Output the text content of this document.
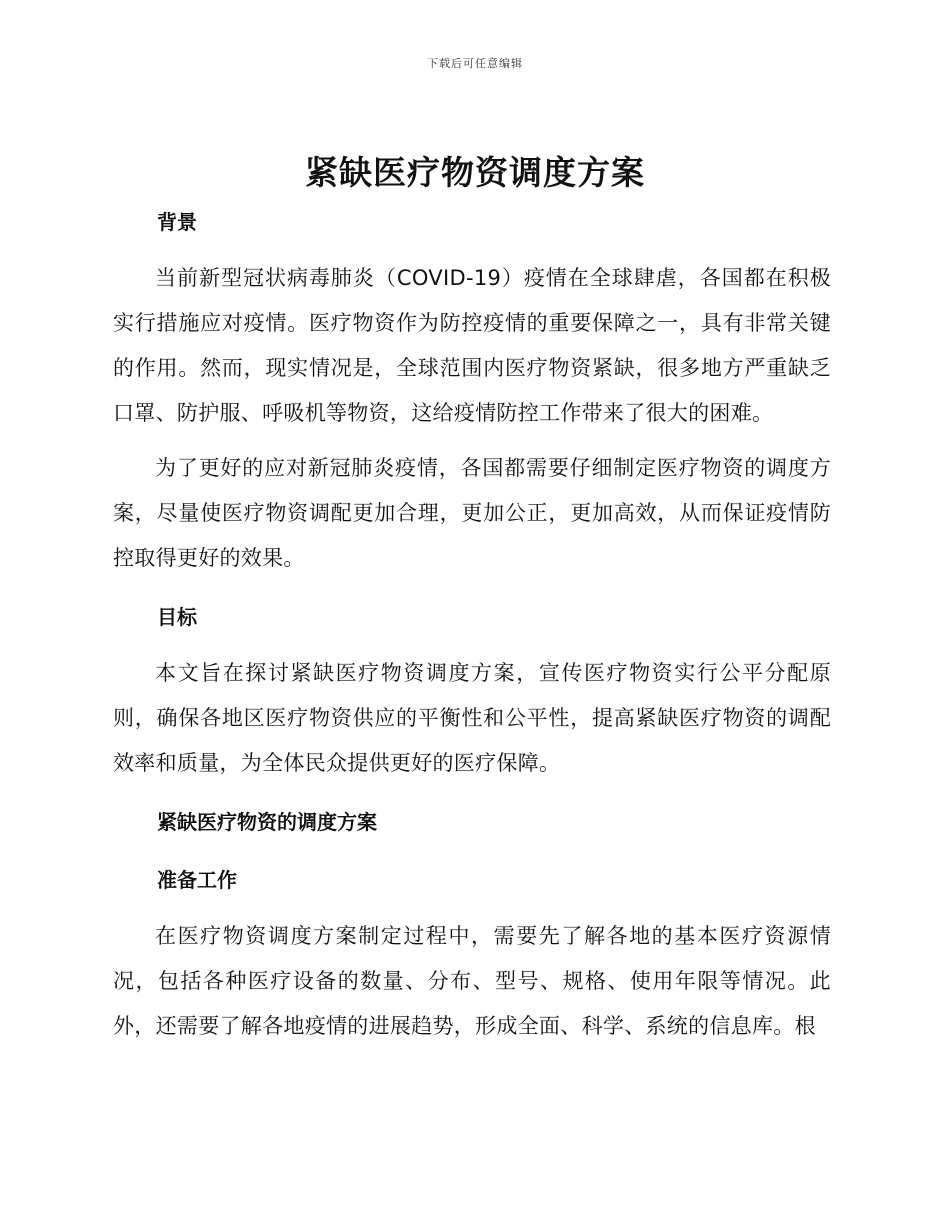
下载后可任意编辑
紧缺医疗物资调度方案
背景

当前新型冠状病毒肺炎（COVID-19）疫情在全球肆虐，各国都在积极实行措施应对疫情。医疗物资作为防控疫情的重要保障之一，具有非常关键的作用。然而，现实情况是，全球范围内医疗物资紧缺，很多地方严重缺乏口罩、防护服、呼吸机等物资，这给疫情防控工作带来了很大的困难。

为了更好的应对新冠肺炎疫情，各国都需要仔细制定医疗物资的调度方案，尽量使医疗物资调配更加合理，更加公正，更加高效，从而保证疫情防控取得更好的效果。

目标

本文旨在探讨紧缺医疗物资调度方案，宣传医疗物资实行公平分配原则，确保各地区医疗物资供应的平衡性和公平性，提高紧缺医疗物资的调配效率和质量，为全体民众提供更好的医疗保障。

紧缺医疗物资的调度方案
准备工作

在医疗物资调度方案制定过程中，需要先了解各地的基本医疗资源情况，包括各种医疗设备的数量、分布、型号、规格、使用年限等情况。此外，还需要了解各地疫情的进展趋势，形成全面、科学、系统的信息库。根
